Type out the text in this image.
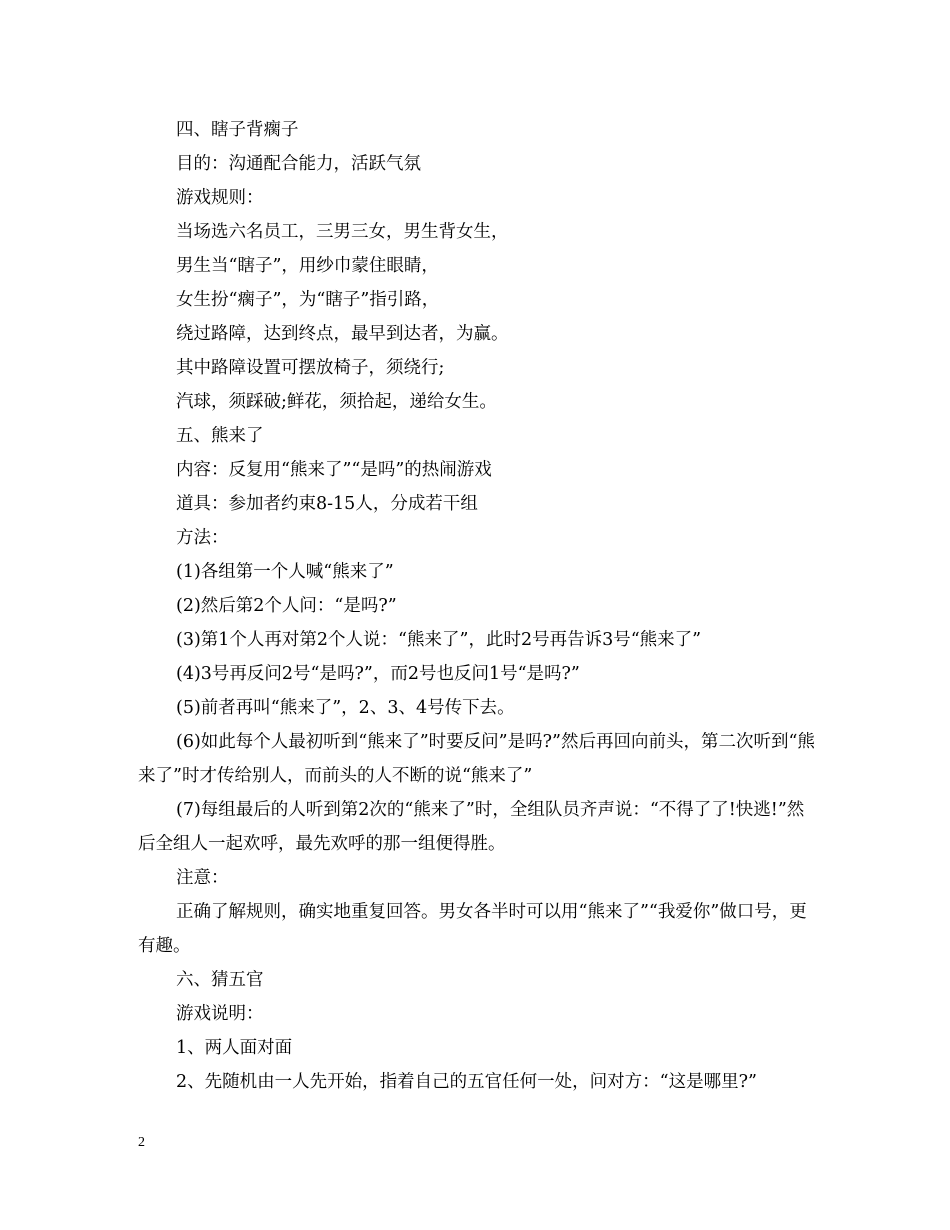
四、瞎子背瘸子

目的：沟通配合能力，活跃气氛

游戏规则：

当场选六名员工，三男三女，男生背女生，

男生当“瞎子”，用纱巾蒙住眼睛，

女生扮“瘸子”，为“瞎子”指引路，

绕过路障，达到终点，最早到达者，为赢。

其中路障设置可摆放椅子，须绕行;

汽球，须踩破;鲜花，须拾起，递给女生。

五、熊来了

内容：反复用“熊来了”“是吗”的热闹游戏

道具：参加者约束8-15人，分成若干组

方法：

(1)各组第一个人喊“熊来了”

(2)然后第2个人问：“是吗?”

(3)第1个人再对第2个人说：“熊来了”，此时2号再告诉3号“熊来了”

(4)3号再反问2号“是吗?”，而2号也反问1号“是吗?”

(5)前者再叫“熊来了”，2、3、4号传下去。

(6)如此每个人最初听到“熊来了”时要反问”是吗?”然后再回向前头，第二次听到“熊来了”时才传给别人，而前头的人不断的说“熊来了”

(7)每组最后的人听到第2次的“熊来了”时，全组队员齐声说：“不得了了!快逃!”然后全组人一起欢呼，最先欢呼的那一组便得胜。

注意：

正确了解规则，确实地重复回答。男女各半时可以用“熊来了”“我爱你”做口号，更有趣。

六、猜五官

游戏说明：

1、两人面对面

2、先随机由一人先开始，指着自己的五官任何一处，问对方：“这是哪里?”

2
